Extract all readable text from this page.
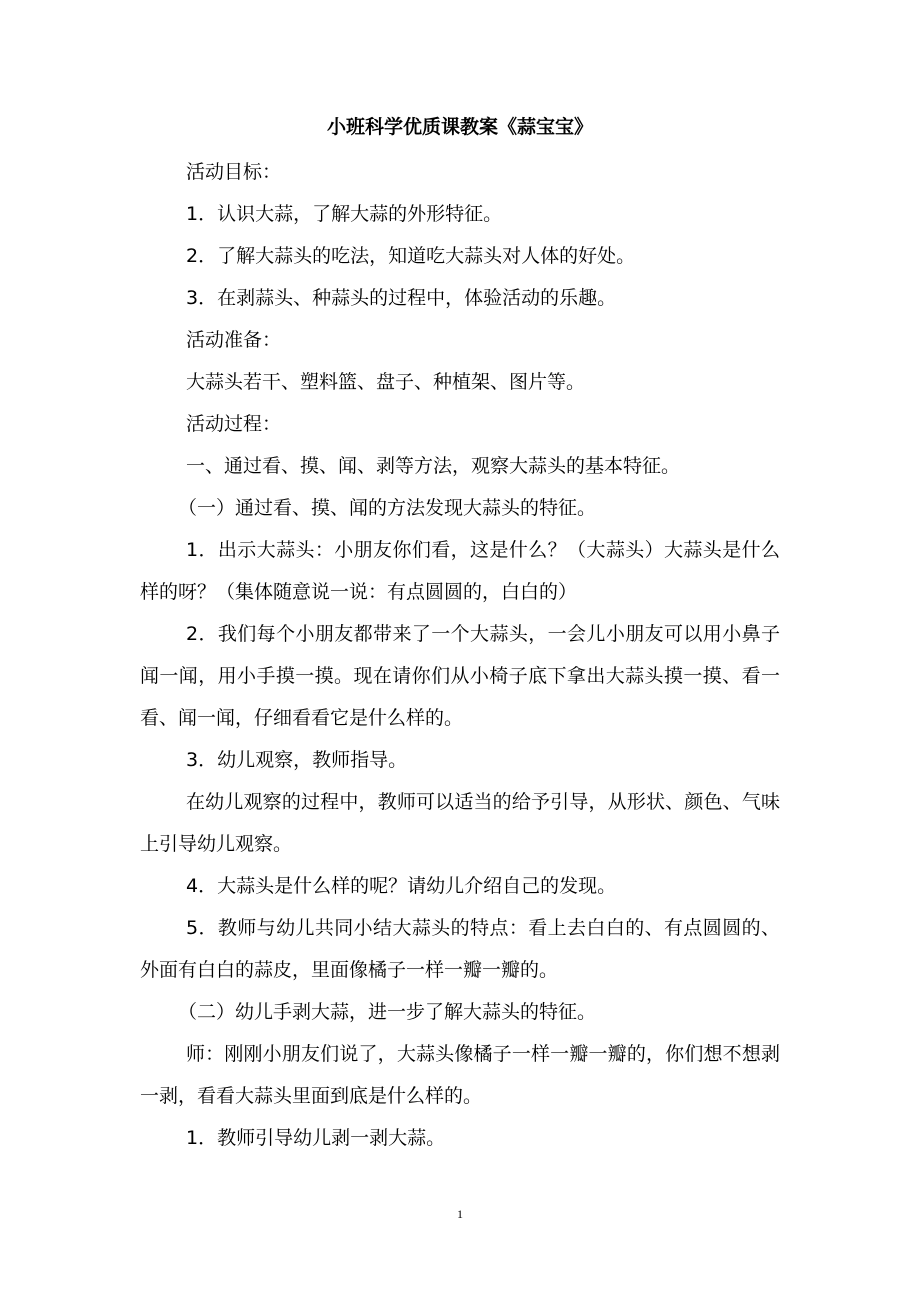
小班科学优质课教案《蒜宝宝》

活动目标：

1．认识大蒜，了解大蒜的外形特征。

2．了解大蒜头的吃法，知道吃大蒜头对人体的好处。

3．在剥蒜头、种蒜头的过程中，体验活动的乐趣。

活动准备：

大蒜头若干、塑料篮、盘子、种植架、图片等。

活动过程：

一、通过看、摸、闻、剥等方法，观察大蒜头的基本特征。

（一）通过看、摸、闻的方法发现大蒜头的特征。

1．出示大蒜头：小朋友你们看，这是什么？（大蒜头）大蒜头是什么样的呀？（集体随意说一说：有点圆圆的，白白的）

2．我们每个小朋友都带来了一个大蒜头，一会儿小朋友可以用小鼻子闻一闻，用小手摸一摸。现在请你们从小椅子底下拿出大蒜头摸一摸、看一看、闻一闻，仔细看看它是什么样的。

3．幼儿观察，教师指导。

在幼儿观察的过程中，教师可以适当的给予引导，从形状、颜色、气味上引导幼儿观察。

4．大蒜头是什么样的呢？请幼儿介绍自己的发现。

5．教师与幼儿共同小结大蒜头的特点：看上去白白的、有点圆圆的、外面有白白的蒜皮，里面像橘子一样一瓣一瓣的。

（二）幼儿手剥大蒜，进一步了解大蒜头的特征。

师：刚刚小朋友们说了，大蒜头像橘子一样一瓣一瓣的，你们想不想剥一剥，看看大蒜头里面到底是什么样的。

1．教师引导幼儿剥一剥大蒜。

1
